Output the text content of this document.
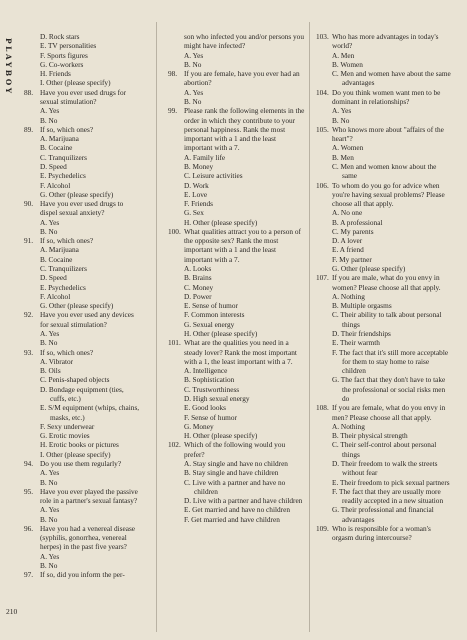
PLAYBOY
210
D. Rock stars
E. TV personalities
F. Sports figures
G. Co-workers
H. Friends
I. Other (please specify)
88. Have you ever used drugs for sexual stimulation?
A. Yes
B. No
89. If so, which ones?
A. Marijuana
B. Cocaine
C. Tranquilizers
D. Speed
E. Psychedelics
F. Alcohol
G. Other (please specify)
90. Have you ever used drugs to dispel sexual anxiety?
A. Yes
B. No
91. If so, which ones?
A. Marijuana
B. Cocaine
C. Tranquilizers
D. Speed
E. Psychedelics
F. Alcohol
G. Other (please specify)
92. Have you ever used any devices for sexual stimulation?
A. Yes
B. No
93. If so, which ones?
A. Vibrator
B. Oils
C. Penis-shaped objects
D. Bondage equipment (ties, cuffs, etc.)
E. S/M equipment (whips, chains, masks, etc.)
F. Sexy underwear
G. Erotic movies
H. Erotic books or pictures
I. Other (please specify)
94. Do you use them regularly?
A. Yes
B. No
95. Have you ever played the passive role in a partner's sexual fantasy?
A. Yes
B. No
96. Have you had a venereal disease (syphilis, gonorrhea, venereal herpes) in the past five years?
A. Yes
B. No
97. If so, did you inform the per-
son who infected you and/or persons you might have infected?
A. Yes
B. No
98. If you are female, have you ever had an abortion?
A. Yes
B. No
99. Please rank the following elements in the order in which they contribute to your personal happiness. Rank the most important with a 1 and the least important with a 7.
A. Family life
B. Money
C. Leisure activities
D. Work
E. Love
F. Friends
G. Sex
H. Other (please specify)
100. What qualities attract you to a person of the opposite sex? Rank the most important with a 1 and the least important with a 7.
A. Looks
B. Brains
C. Money
D. Power
E. Sense of humor
F. Common interests
G. Sexual energy
H. Other (please specify)
101. What are the qualities you need in a steady lover? Rank the most important with a 1, the least important with a 7.
A. Intelligence
B. Sophistication
C. Trustworthiness
D. High sexual energy
E. Good looks
F. Sense of humor
G. Money
H. Other (please specify)
102. Which of the following would you prefer?
A. Stay single and have no children
B. Stay single and have children
C. Live with a partner and have no children
D. Live with a partner and have children
E. Get married and have no children
F. Get married and have children
103. Who has more advantages in today's world?
A. Men
B. Women
C. Men and women have about the same advantages
104. Do you think women want men to be dominant in relationships?
A. Yes
B. No
105. Who knows more about "affairs of the heart"?
A. Women
B. Men
C. Men and women know about the same
106. To whom do you go for advice when you're having sexual problems? Please choose all that apply.
A. No one
B. A professional
C. My parents
D. A lover
E. A friend
F. My partner
G. Other (please specify)
107. If you are male, what do you envy in women? Please choose all that apply.
A. Nothing
B. Multiple orgasms
C. Their ability to talk about personal things
D. Their friendships
E. Their warmth
F. The fact that it's still more acceptable for them to stay home to raise children
G. The fact that they don't have to take the professional or social risks men do
108. If you are female, what do you envy in men? Please choose all that apply.
A. Nothing
B. Their physical strength
C. Their self-control about personal things
D. Their freedom to walk the streets without fear
E. Their freedom to pick sexual partners
F. The fact that they are usually more readily accepted in a new situation
G. Their professional and financial advantages
109. Who is responsible for a woman's orgasm during intercourse?
